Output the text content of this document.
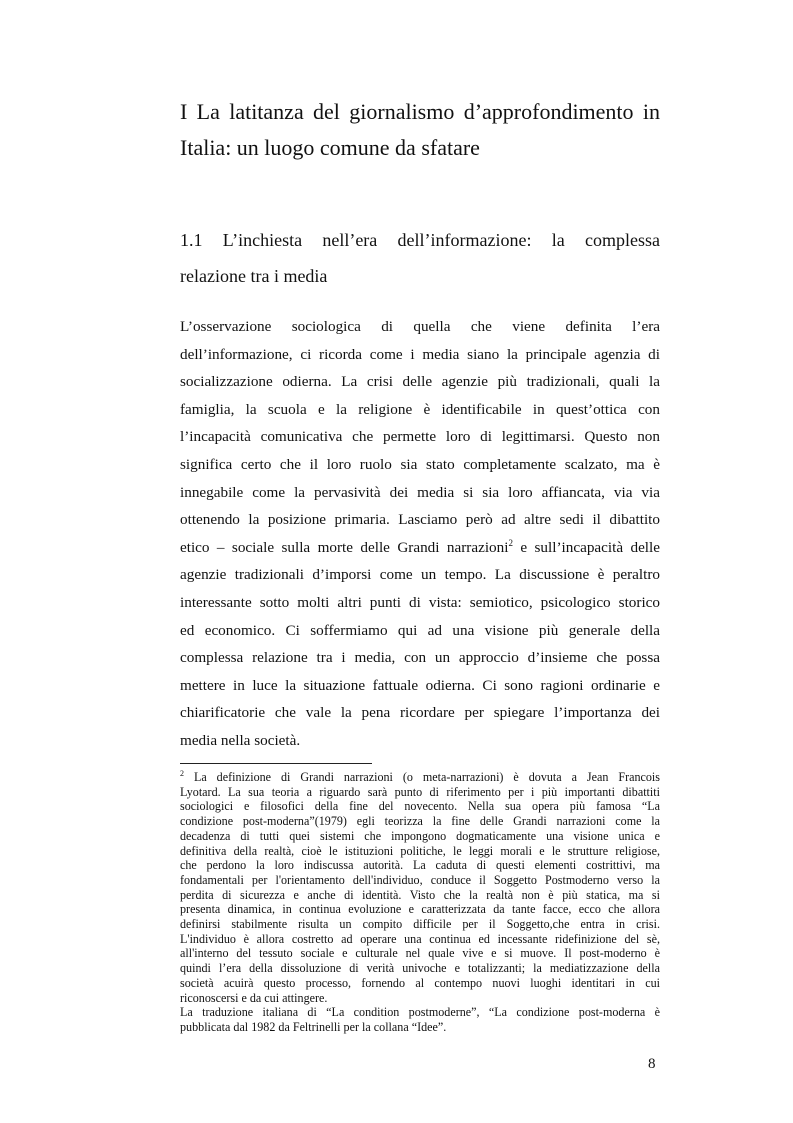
I La latitanza del giornalismo d’approfondimento in
Italia: un luogo comune da sfatare
1.1 L’inchiesta nell’era dell’informazione: la complessa
relazione tra i media
L’osservazione sociologica di quella che viene definita l’era
dell’informazione, ci ricorda come i media siano la principale agenzia di
socializzazione odierna. La crisi delle agenzie più tradizionali, quali la
famiglia, la scuola e la religione è identificabile in quest’ottica con
l’incapacità comunicativa che permette loro di legittimarsi. Questo non
significa certo che il loro ruolo sia stato completamente scalzato, ma è
innegabile come la pervasività dei media si sia loro affiancata, via via
ottenendo la posizione primaria. Lasciamo però ad altre sedi il dibattito
etico – sociale sulla morte delle Grandi narrazioni$^2$ e sull’incapacità delle
agenzie tradizionali d’imporsi come un tempo. La discussione è peraltro
interessante sotto molti altri punti di vista: semiotico, psicologico storico
ed economico. Ci soffermiamo qui ad una visione più generale della
complessa relazione tra i media, con un approccio d’insieme che possa
mettere in luce la situazione fattuale odierna. Ci sono ragioni ordinarie e
chiarificatorie che vale la pena ricordare per spiegare l’importanza dei
media nella società.
$^2$ La definizione di Grandi narrazioni (o meta-narrazioni) è dovuta a Jean Francois
Lyotard. La sua teoria a riguardo sarà punto di riferimento per i più importanti dibattiti
sociologici e filosofici della fine del novecento. Nella sua opera più famosa “La
condizione post-moderna”(1979) egli teorizza la fine delle Grandi narrazioni come la
decadenza di tutti quei sistemi che impongono dogmaticamente una visione unica e
definitiva della realtà, cioè le istituzioni politiche, le leggi morali e le strutture religiose,
che perdono la loro indiscussa autorità. La caduta di questi elementi costrittivi, ma
fondamentali per l'orientamento dell'individuo, conduce il Soggetto Postmoderno verso la
perdita di sicurezza e anche di identità. Visto che la realtà non è più statica, ma si
presenta dinamica, in continua evoluzione e caratterizzata da tante facce, ecco che allora
definirsi stabilmente risulta un compito difficile per il Soggetto,che entra in crisi.
L'individuo è allora costretto ad operare una continua ed incessante ridefinizione del sè,
all'interno del tessuto sociale e culturale nel quale vive e si muove. Il post-moderno è
quindi l’era della dissoluzione di verità univoche e totalizzanti; la mediatizzazione della
società acuirà questo processo, fornendo al contempo nuovi luoghi identitari in cui
riconoscersi e da cui attingere.
La traduzione italiana di “La condition postmoderne”, “La condizione post-moderna è
pubblicata dal 1982 da Feltrinelli per la collana “Idee”.
8
